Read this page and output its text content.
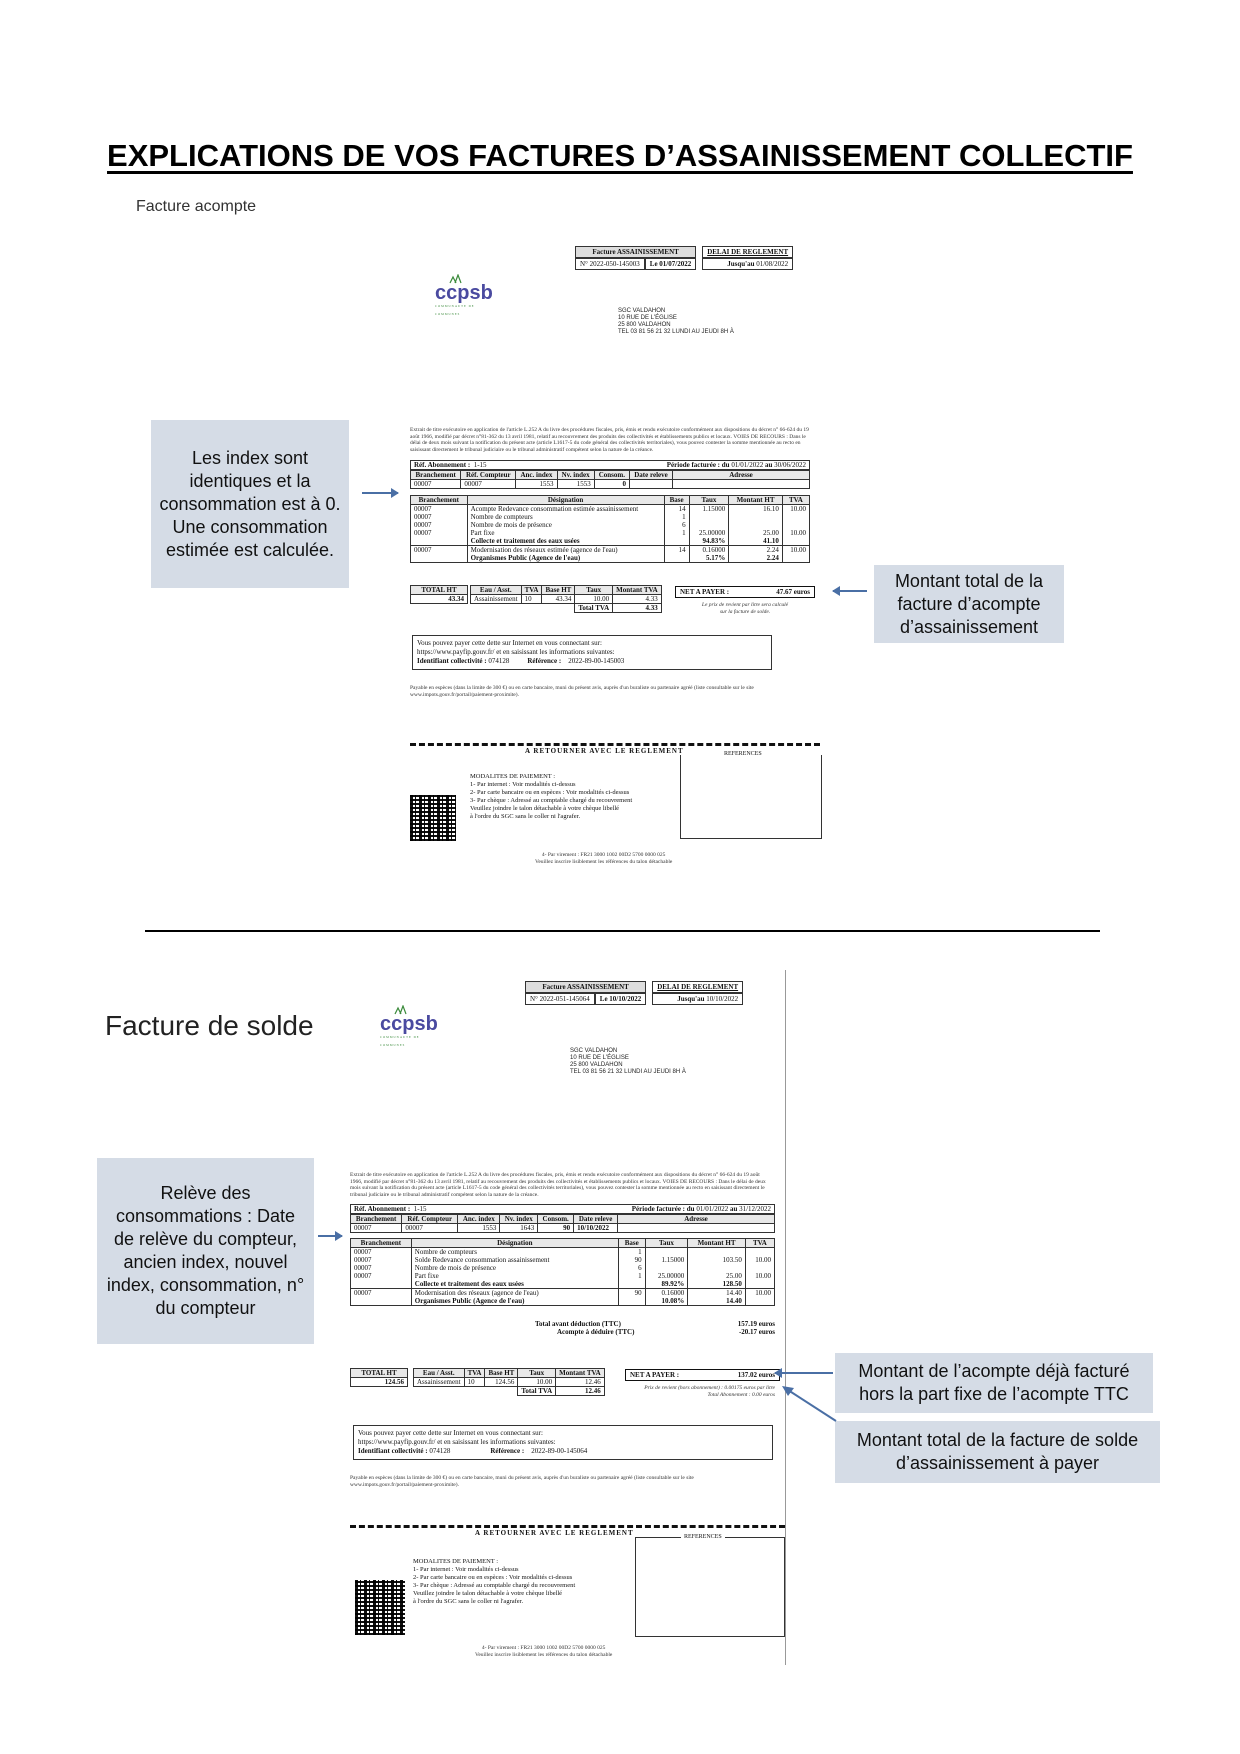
EXPLICATIONS DE VOS FACTURES D’ASSAINISSEMENT COLLECTIF
Facture acompte
Facture ASSAINISSEMENT
N° 2022-050-145003	Le 01/07/2022
DELAI DE REGLEMENT
Jusqu'au 01/08/2022
ccpsb
COMMUNAUTE DE COMMUNES	SGC VALDAHON
10 RUE DE L'ÉGLISE
25 800 VALDAHON
TEL 03 81 56 21 32 LUNDI AU JEUDI 8H À
Extrait de titre exécutoire en application de l'article L.252 A du livre des procédures fiscales, pris, émis et rendu exécutoire conformément aux dispositions du décret n° 66-624 du 19 août 1966, modifié par décret n°81-362 du 13 avril 1981, relatif au recouvrement des produits des collectivités et établissements publics et locaux. VOIES DE RECOURS : Dans le délai de deux mois suivant la notification du présent acte (article L1617-5 du code général des collectivités territoriales), vous pouvez contester la somme mentionnée au recto en saisissant directement le tribunal judiciaire ou le tribunal administratif compétent selon la nature de la créance.
Réf. Abonnement : 1-15	Période facturée : du 01/01/2022 au 30/06/2022
Branchement	Réf. Compteur	Anc. index	Nv. index	Consom.	Date releve	Adresse
00007	00007	1553	1553	0		
Branchement	Désignation	Base	Taux	Montant HT	TVA
00007	Acompte Redevance consommation estimée assainissement	14	1.15000	16.10	10.00
00007	Nombre de compteurs	1			
00007	Nombre de mois de présence	6			
00007	Part fixe	1	25.00000	25.00	10.00
	Collecte et traitement des eaux usées		94.83%	41.10	
00007	Modernisation des réseaux estimée (agence de l'eau)	14	0.16000	2.24	10.00
	Organismes Public (Agence de l'eau)		5.17%	2.24	
TOTAL HT
43.34
Eau / Asst.	TVA	Base HT	Taux	Montant TVA
Assainissement	10	43.34	10.00	4.33
			Total TVA	4.33
NET A PAYER :	47.67 euros
Le prix de revient par litre sera calculé
sur la facture de solde.
Vous pouvez payer cette dette sur Internet en vous connectant sur:
https://www.payfip.gouv.fr/ et en saisissant les informations suivantes:
Identifiant collectivité : 074128	Référence : 2022-89-00-145003
Payable en espèces (dans la limite de 300 €) ou en carte bancaire, muni du présent avis, auprès d'un buraliste ou partenaire agréé (liste consultable sur le site www.impots.gouv.fr/portail/paiement-proximite).
A RETOURNER AVEC LE REGLEMENT	REFERENCES
MODALITES DE PAIEMENT :
1- Par internet : Voir modalités ci-dessus
2- Par carte bancaire ou en espèces : Voir modalités ci-dessus
3- Par chèque : Adressé au comptable chargé du recouvrement
Veuillez joindre le talon détachable à votre chèque libellé
à l'ordre du SGC sans le coller ni l'agrafer.
4- Par virement : FR21 3000 1002 00D2 5700 0000 025
Veuillez inscrire lisiblement les références du talon détachable
Les index sont identiques et la consommation est à 0. Une consommation estimée est calculée.
Montant total de la facture d’acompte d’assainissement
Facture de solde
Facture ASSAINISSEMENT
N° 2022-051-145064	Le 10/10/2022
DELAI DE REGLEMENT
Jusqu'au 10/10/2022
ccpsb
COMMUNAUTE DE COMMUNES
SGC VALDAHON
10 RUE DE L'ÉGLISE
25 800 VALDAHON
TEL 03 81 56 21 32 LUNDI AU JEUDI 8H À
Extrait de titre exécutoire en application de l'article L.252 A du livre des procédures fiscales, pris, émis et rendu exécutoire conformément aux dispositions du décret n° 66-624 du 19 août 1966, modifié par décret n°81-362 du 13 avril 1981, relatif au recouvrement des produits des collectivités et établissements publics et locaux. VOIES DE RECOURS : Dans le délai de deux mois suivant la notification du présent acte (article L1617-5 du code général des collectivités territoriales), vous pouvez contester la somme mentionnée au recto en saisissant directement le tribunal judiciaire ou le tribunal administratif compétent selon la nature de la créance.
Réf. Abonnement : 1-15	Période facturée : du 01/01/2022 au 31/12/2022
Branchement	Réf. Compteur	Anc. index	Nv. index	Consom.	Date releve	Adresse
00007	00007	1553	1643	90	10/10/2022	
Branchement	Désignation	Base	Taux	Montant HT	TVA
00007	Nombre de compteurs	1			
00007	Solde Redevance consommation assainissement	90	1.15000	103.50	10.00
00007	Nombre de mois de présence	6			
00007	Part fixe	1	25.00000	25.00	10.00
	Collecte et traitement des eaux usées		89.92%	128.50	
00007	Modernisation des réseaux (agence de l'eau)	90	0.16000	14.40	10.00
	Organismes Public (Agence de l'eau)		10.08%	14.40	
Total avant déduction (TTC)	157.19 euros
Acompte à déduire (TTC)	-20.17 euros
TOTAL HT
124.56
Eau / Asst.	TVA	Base HT	Taux	Montant TVA
Assainissement	10	124.56	10.00	12.46
			Total TVA	12.46
NET A PAYER :	137.02 euros
Prix de revient (hors abonnement) : 0.00175 euros par litre
Total Abonnement : 0.00 euros
Vous pouvez payer cette dette sur Internet en vous connectant sur:
https://www.payfip.gouv.fr/ et en saisissant les informations suivantes:
Identifiant collectivité : 074128	Référence : 2022-89-00-145064
Payable en espèces (dans la limite de 300 €) ou en carte bancaire, muni du présent avis, auprès d'un buraliste ou partenaire agréé (liste consultable sur le site www.impots.gouv.fr/portail/paiement-proximite).
A RETOURNER AVEC LE REGLEMENT	REFERENCES
MODALITES DE PAIEMENT :
1- Par internet : Voir modalités ci-dessus
2- Par carte bancaire ou en espèces : Voir modalités ci-dessus
3- Par chèque : Adressé au comptable chargé du recouvrement
Veuillez joindre le talon détachable à votre chèque libellé
à l'ordre du SGC sans le coller ni l'agrafer.
4- Par virement : FR21 3000 1002 00D2 5700 0000 025
Veuillez inscrire lisiblement les références du talon détachable
Relève des consommations : Date de relève du compteur, ancien index, nouvel index, consommation, n° du compteur
Montant de l’acompte déjà facturé hors la part fixe de l’acompte TTC
Montant total de la facture de solde d’assainissement à payer
